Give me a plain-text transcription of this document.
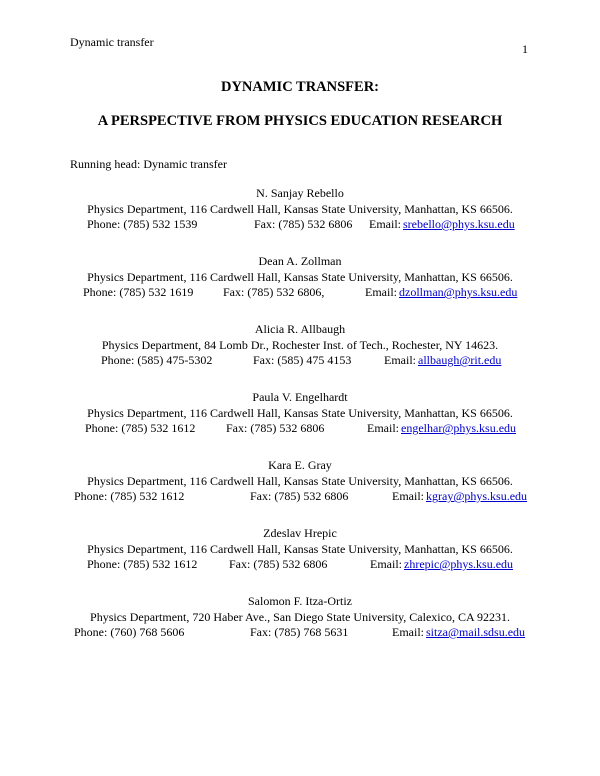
Dynamic transfer	1
DYNAMIC TRANSFER:
A PERSPECTIVE FROM PHYSICS EDUCATION RESEARCH
Running head: Dynamic transfer
N. Sanjay Rebello
Physics Department, 116 Cardwell Hall, Kansas State University, Manhattan, KS 66506.
Phone: (785) 532 1539	Fax: (785) 532 6806 Email: srebello@phys.ksu.edu
Dean A. Zollman
Physics Department, 116 Cardwell Hall, Kansas State University, Manhattan, KS 66506.
Phone: (785) 532 1619 Fax: (785) 532 6806,	Email: dzollman@phys.ksu.edu
Alicia R. Allbaugh
Physics Department, 84 Lomb Dr., Rochester Inst. of Tech., Rochester, NY 14623.
Phone: (585) 475-5302	Fax: (585) 475 4153	Email: allbaugh@rit.edu
Paula V. Engelhardt
Physics Department, 116 Cardwell Hall, Kansas State University, Manhattan, KS 66506.
Phone: (785) 532 1612	Fax: (785) 532 6806	Email: engelhar@phys.ksu.edu
Kara E. Gray
Physics Department, 116 Cardwell Hall, Kansas State University, Manhattan, KS 66506.
Phone: (785) 532 1612	Fax: (785) 532 6806	Email: kgray@phys.ksu.edu
Zdeslav Hrepic
Physics Department, 116 Cardwell Hall, Kansas State University, Manhattan, KS 66506.
Phone: (785) 532 1612	Fax: (785) 532 6806	Email: zhrepic@phys.ksu.edu
Salomon F. Itza-Ortiz
Physics Department, 720 Haber Ave., San Diego State University, Calexico, CA 92231.
Phone: (760) 768 5606	Fax: (785) 768 5631	Email: sitza@mail.sdsu.edu
